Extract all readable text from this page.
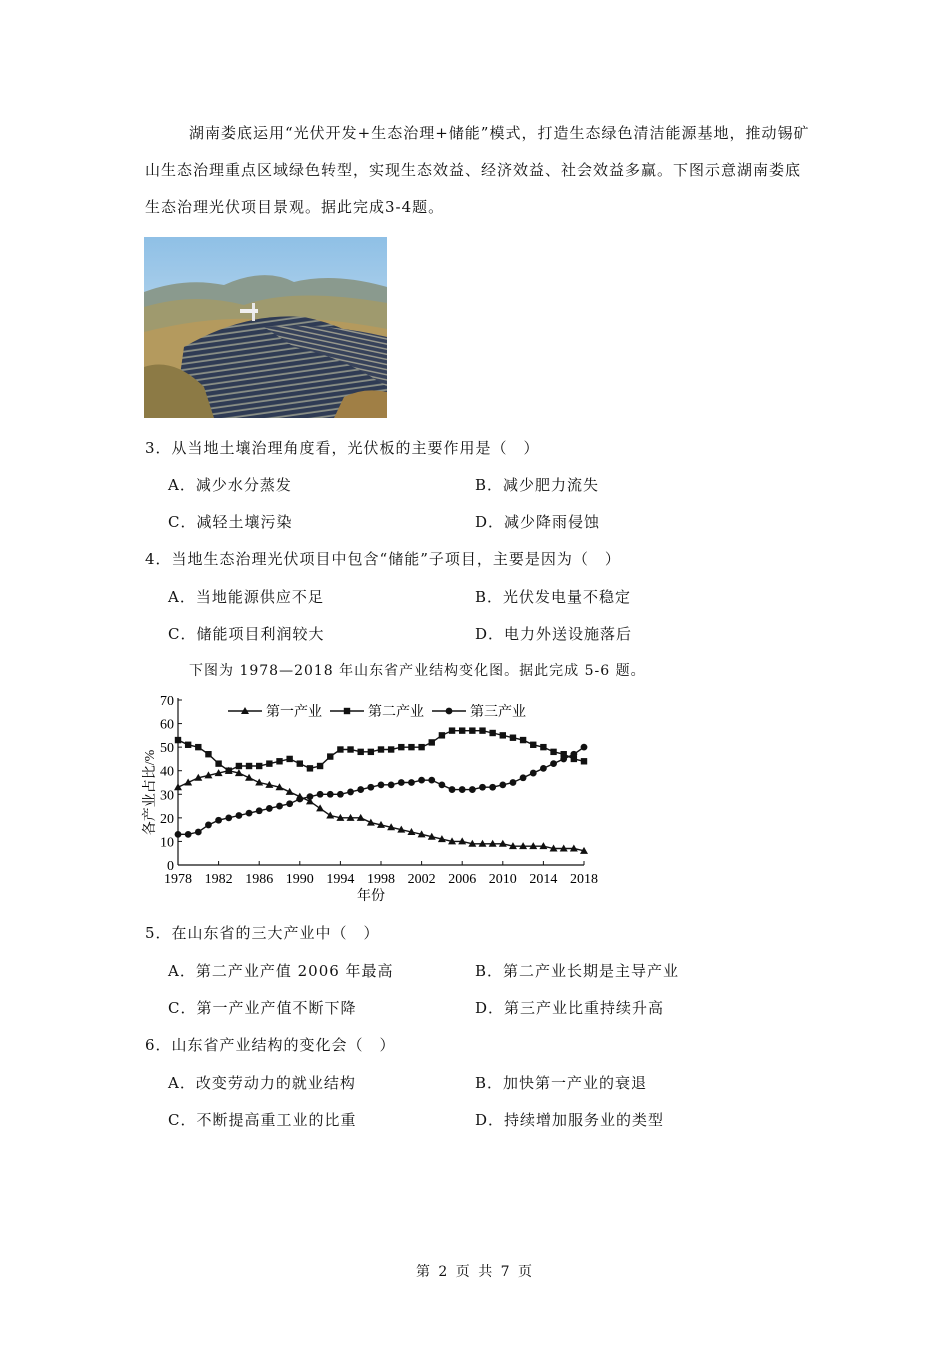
湖南娄底运用“光伏开发+生态治理+储能”模式，打造生态绿色清洁能源基地，推动锡矿山生态治理重点区域绿色转型，实现生态效益、经济效益、社会效益多赢。下图示意湖南娄底生态治理光伏项目景观。据此完成3-4题。
3．从当地土壤治理角度看，光伏板的主要作用是（　）
A．减少水分蒸发	B．减少肥力流失
C．减轻土壤污染	D．减少降雨侵蚀
4．当地生态治理光伏项目中包含“储能”子项目，主要是因为（　）
A．当地能源供应不足	B．光伏发电量不稳定
C．储能项目利润较大	D．电力外送设施落后
下图为 1978—2018 年山东省产业结构变化图。据此完成 5-6 题。
0
10
20
30
40
50
60
70
1978 1982 1986 1990 1994 1998 2002 2006 2010 2014 2018
年份
各产业占比/%
第一产业	第二产业	第三产业
5．在山东省的三大产业中（　）
A．第二产业产值 2006 年最高	B．第二产业长期是主导产业
C．第一产业产值不断下降	D．第三产业比重持续升高
6．山东省产业结构的变化会（　）
A．改变劳动力的就业结构	B．加快第一产业的衰退
C．不断提高重工业的比重	D．持续增加服务业的类型
第 2 页 共 7 页
